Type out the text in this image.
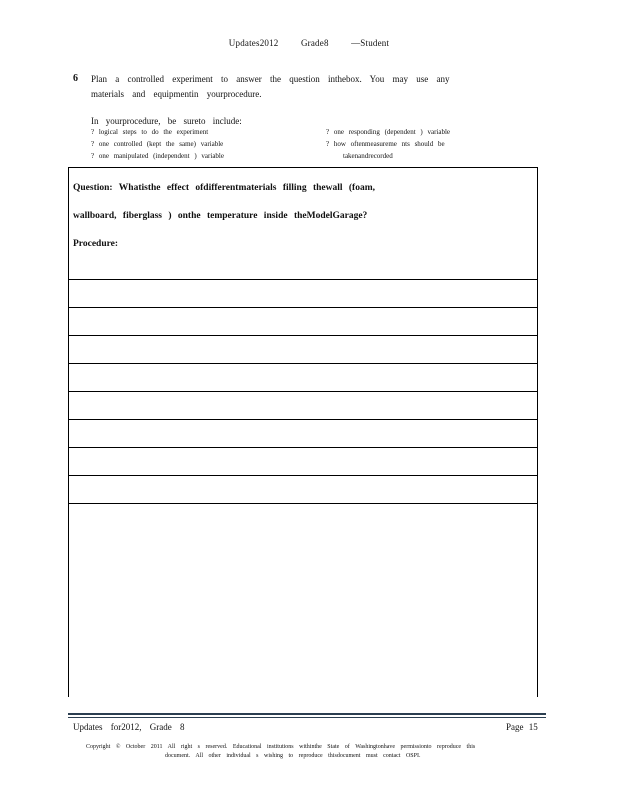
Updates2012 Grade8 —Student
6 Plan a controlled experiment to answer the question inthebox. You may use any
materials and equipmentin yourprocedure.
In yourprocedure, be sureto include:
? logical steps to do the experiment
? one controlled (kept the same) variable
? one manipulated (independent ) variable
? one responding (dependent ) variable
? how oftenmeasureme nts should be
takenandrecorded
Question: Whatisthe effect ofdifferentmaterials filling thewall (foam,
wallboard, fiberglass ) onthe temperature inside theModelGarage?
Procedure:
Updates for2012, Grade 8	Page 15
Copyright © October 2011 All right s reserved. Educational institutions withinthe State of Washingtonhave permissionto reproduce this
document. All other individual s wishing to reproduce thisdocument must contact OSPI.
